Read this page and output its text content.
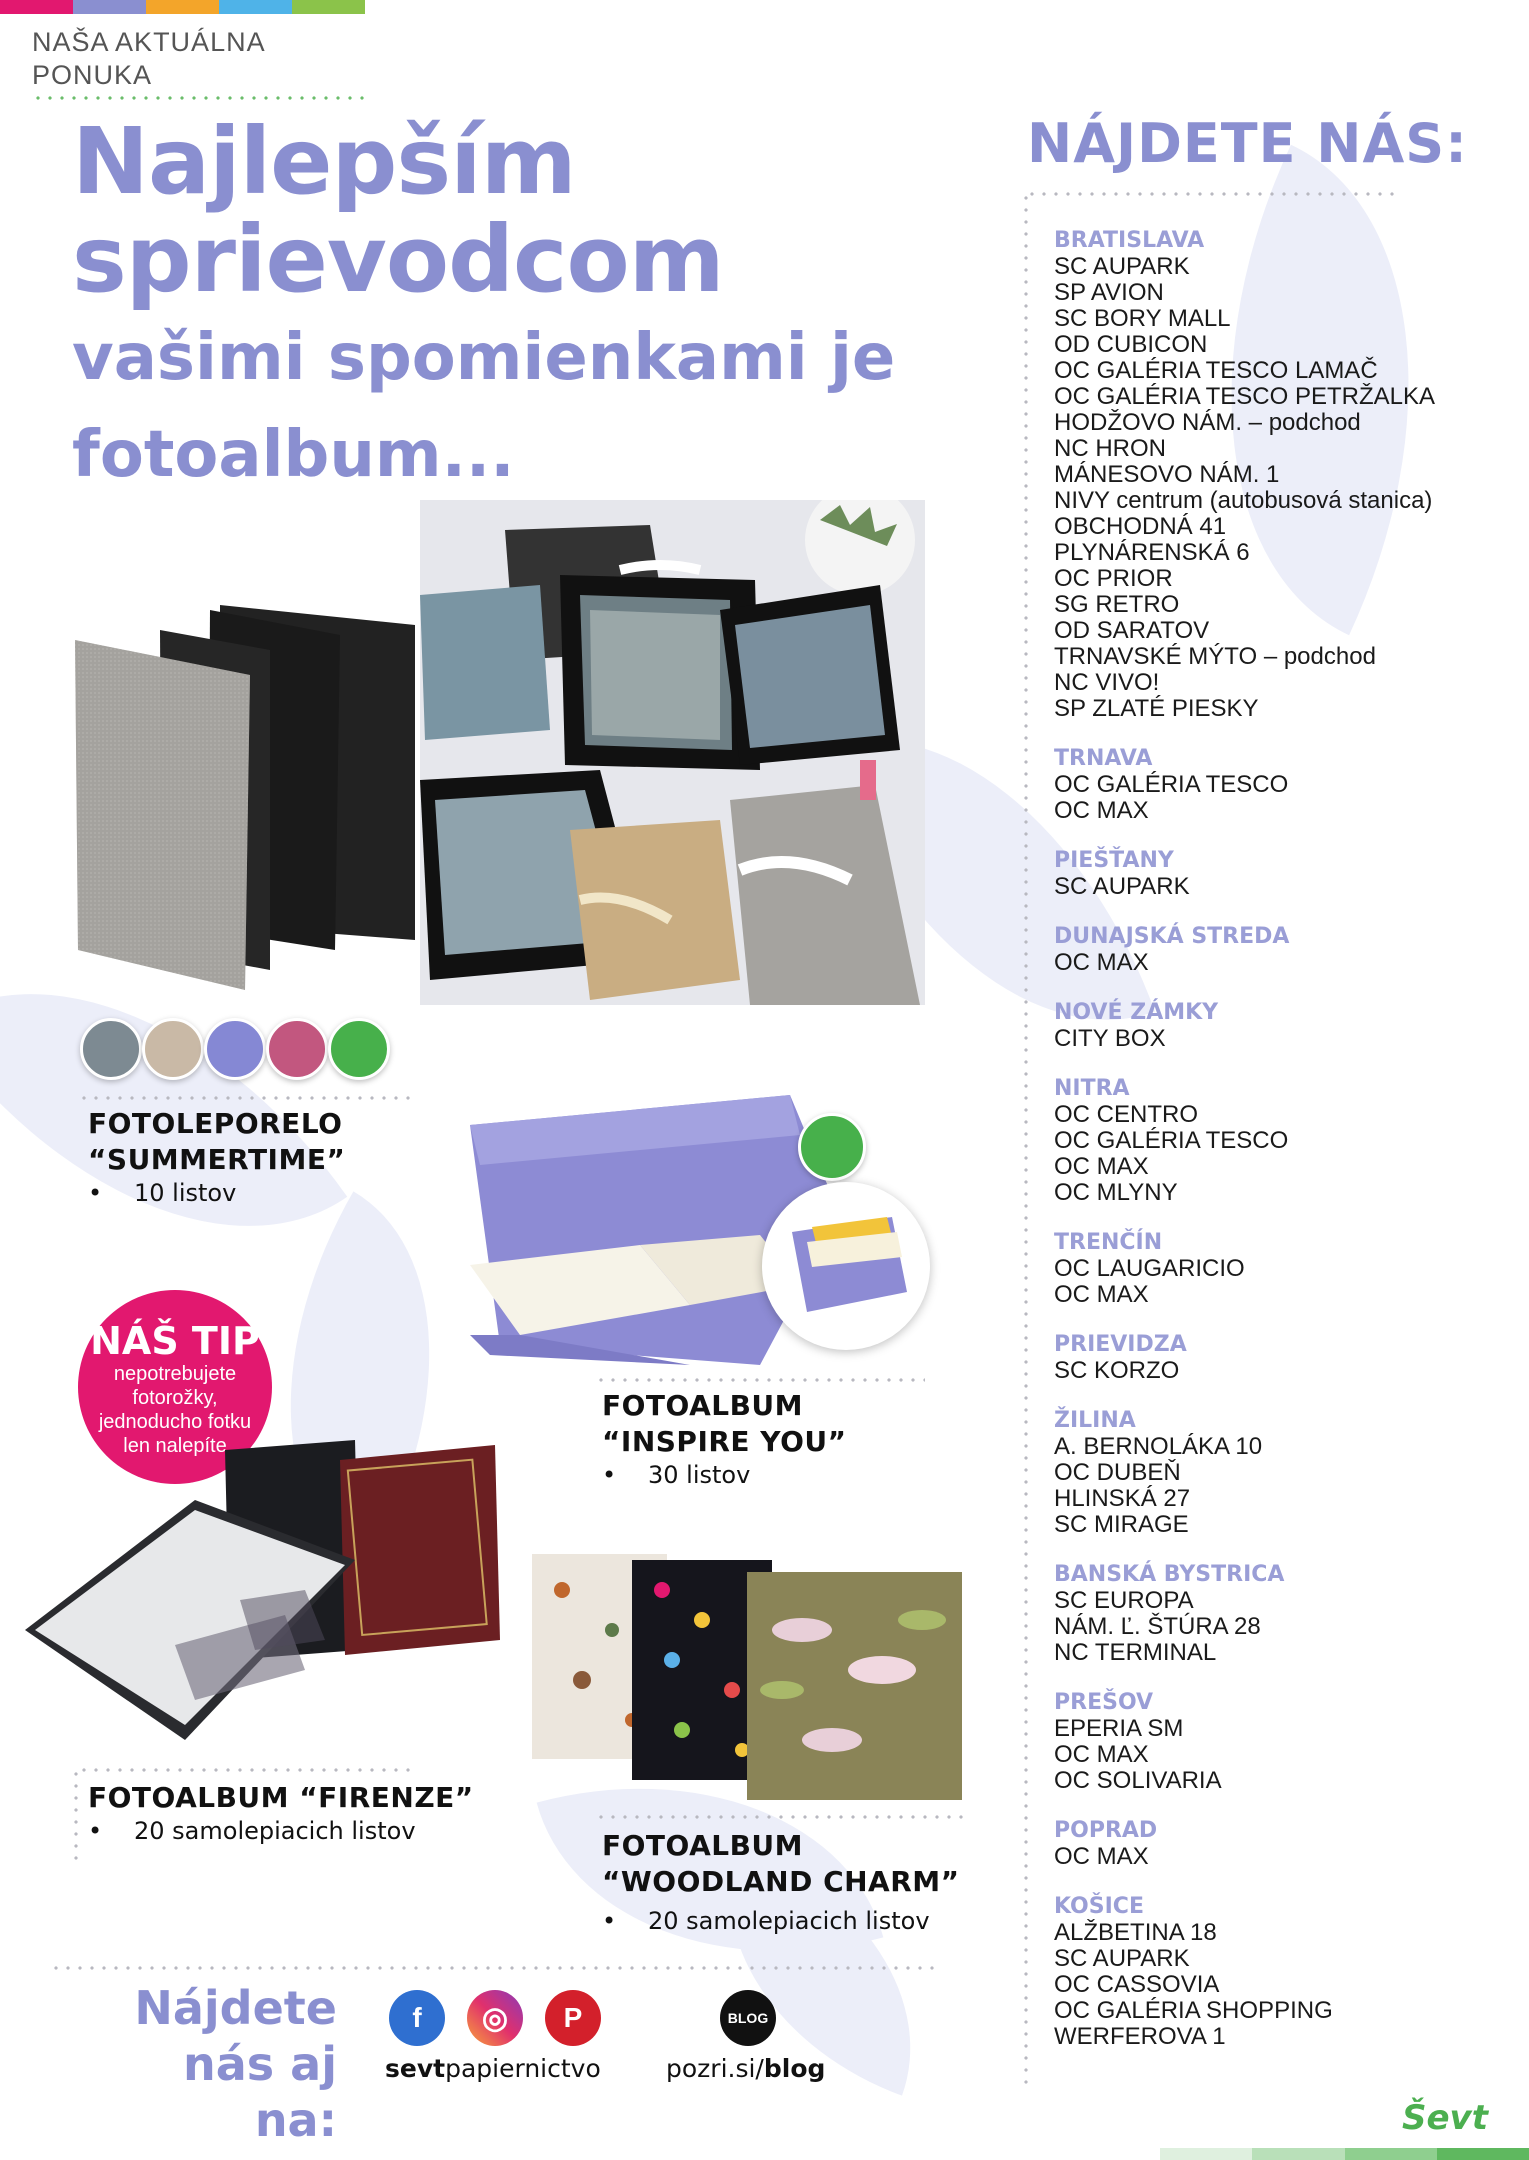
NAŠA AKTUÁLNA
PONUKA
Najlepším
sprievodcom
vašimi spomienkami je
fotoalbum...
FOTOLEPORELO
“SUMMERTIME”
• 10 listov
FOTOALBUM
“INSPIRE YOU”
• 30 listov
NÁŠ TIP
nepotrebujete
fotorožky,
jednoducho fotku
len nalepíte
FOTOALBUM “FIRENZE”
• 20 samolepiacich listov	FOTOALBUM
“WOODLAND CHARM”
• 20 samolepiacich listov
Nájdete
nás aj na:
f ◎ P
sevtpapiernictvo
BLOG
pozri.si/blog
NÁJDETE NÁS:
BRATISLAVA
SC AUPARK
SP AVION
SC BORY MALL
OD CUBICON
OC GALÉRIA TESCO LAMAČ
OC GALÉRIA TESCO PETRŽALKA
HODŽOVO NÁM. – podchod
NC HRON
MÁNESOVO NÁM. 1
NIVY centrum (autobusová stanica)
OBCHODNÁ 41
PLYNÁRENSKÁ 6
OC PRIOR
SG RETRO
OD SARATOV
TRNAVSKÉ MÝTO – podchod
NC VIVO!
SP ZLATÉ PIESKY
TRNAVA
OC GALÉRIA TESCO
OC MAX
PIEŠŤANY
SC AUPARK
DUNAJSKÁ STREDA
OC MAX
NOVÉ ZÁMKY
CITY BOX
NITRA
OC CENTRO
OC GALÉRIA TESCO
OC MAX
OC MLYNY
TRENČÍN
OC LAUGARICIO
OC MAX
PRIEVIDZA
SC KORZO
ŽILINA
A. BERNOLÁKA 10
OC DUBEŇ
HLINSKÁ 27
SC MIRAGE
BANSKÁ BYSTRICA
SC EUROPA
NÁM. Ľ. ŠTÚRA 28
NC TERMINAL
PREŠOV
EPERIA SM
OC MAX
OC SOLIVARIA
POPRAD
OC MAX
KOŠICE
ALŽBETINA 18
SC AUPARK
OC CASSOVIA
OC GALÉRIA SHOPPING
WERFEROVA 1
Ševt
